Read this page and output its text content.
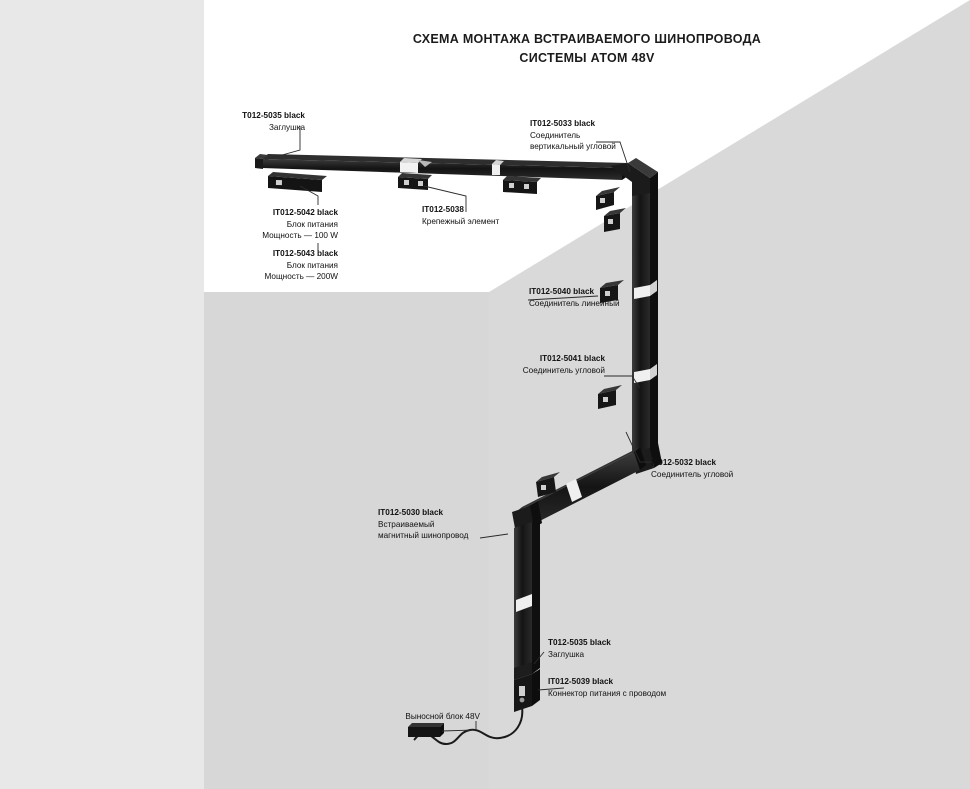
СХЕМА МОНТАЖА ВСТРАИВАЕМОГО ШИНОПРОВОДА
СИСТЕМЫ АТОМ 48V
T012-5035 black
Заглушка
IT012-5042 black
Блок питания
Мощность — 100 W
IT012-5043 black
Блок питания
Мощность — 200W
IT012-5038
Крепежный элемент
IT012-5033 black
Соединитель
вертикальный угловой
IT012-5040 black
Соединитель линейный
IT012-5041 black
Соединитель угловой
IT012-5032 black
Соединитель угловой
IT012-5030 black
Встраиваемый
магнитный шинопровод
T012-5035 black
Заглушка
IT012-5039 black
Коннектор питания с проводом
Выносной блок 48V
